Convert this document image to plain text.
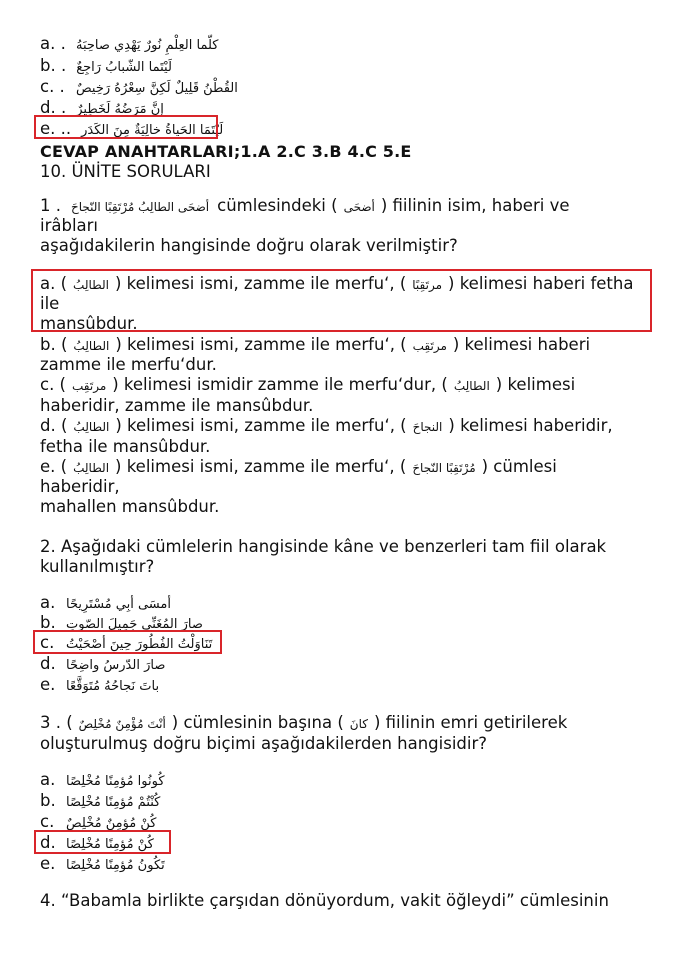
a. . كلّما العِلْمِ نُورٌ يَهْدِي صاحِبَهُ
b. . لَيْتَما الشّبابُ رَاجِعٌ
c. . القُطْنُ قَلِيلٌ لَكِنَّ سِعْرُهُ رَخِيصٌ
d. . إنَّ مَرَضُهُ لَخَطِيرٌ
e. .. لَيْتَمَا الحَياةُ خالِيَةٌ مِنَ الكَدَرِ
CEVAP ANAHTARLARI;1.A 2.C 3.B 4.C 5.E
10. ÜNİTE SORULARI
1 . أضحَى الطالِبُ مُرْتَقِبًا النّجاحَ cümlesindeki ( أضحَى ) fiilinin isim, haberi ve
irâbları
aşağıdakilerin hangisinde doğru olarak verilmiştir?
a. ( الطالِبُ ) kelimesi ismi, zamme ile merfu‘, ( مرتَقِبًا ) kelimesi haberi fetha
ile
mansûbdur.
b. ( الطالِبُ ) kelimesi ismi, zamme ile merfu‘, ( مرتَقِب ) kelimesi haberi
zamme ile merfu‘dur.
c. ( مرتَقِب ) kelimesi ismidir zamme ile merfu‘dur, ( الطالِبُ ) kelimesi
haberidir, zamme ile mansûbdur.
d. ( الطالِبُ ) kelimesi ismi, zamme ile merfu‘, ( النجاحَ ) kelimesi haberidir,
fetha ile mansûbdur.
e. ( الطالِبُ ) kelimesi ismi, zamme ile merfu‘, ( مُرْتَقِبًا النّجاحَ ) cümlesi
haberidir,
mahallen mansûbdur.
2. Aşağıdaki cümlelerin hangisinde kâne ve benzerleri tam fiil olarak
kullanılmıştır?
a. أمسَى أبِي مُسْتَرِيحًا
b. صارَ المُغَنِّي جَمِيلَ الصّوتِ
c. تَنَاوَلْتُ الفُطُورَ حِينَ أصْحَيْتُ
d. صارَ الدّرسُ واضِحًا
e. باتَ نَجاحُهُ مُتَوَقَّعًا
3 . ( أنْتَ مُؤْمِنٌ مُخْلِصٌ ) cümlesinin başına ( كانَ ) fiilinin emri getirilerek
oluşturulmuş doğru biçimi aşağıdakilerden hangisidir?
a. كُونُوا مُؤمِنًا مُخْلِصًا
b. كُنْتُمْ مُؤمِنًا مُخْلِصًا
c. كُنْ مُؤمِنٌ مُخْلِصٌ
d. كُنْ مُؤمِنًا مُخْلِصًا
e. تَكُونُ مُؤمِنًا مُخْلِصًا
4. “Babamla birlikte çarşıdan dönüyordum, vakit öğleydi” cümlesinin
